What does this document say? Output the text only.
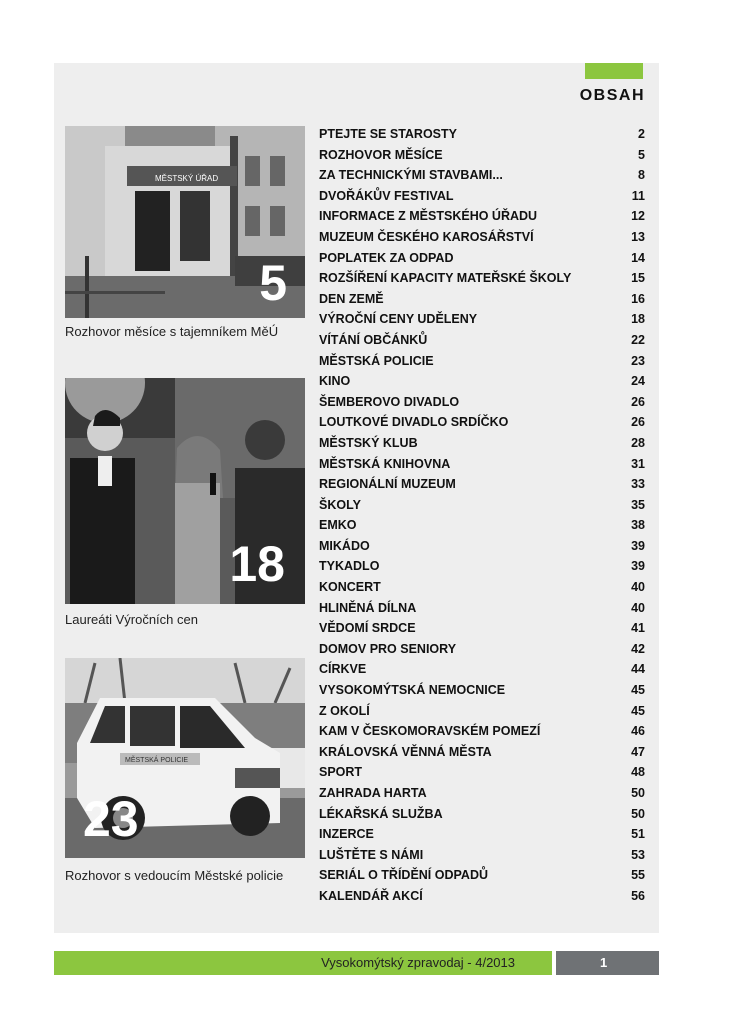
OBSAH
MĚSTSKÝ ÚŘAD
5
Rozhovor měsíce s tajemníkem MěÚ
18
Laureáti Výročních cen
MĚSTSKÁ POLICIE
23
Rozhovor s vedoucím Městské policie
PTEJTE SE STAROSTY	2
ROZHOVOR MĚSÍCE	5
ZA TECHNICKÝMI STAVBAMI...	8
DVOŘÁKŮV FESTIVAL	11
INFORMACE Z MĚSTSKÉHO ÚŘADU	12
MUZEUM ČESKÉHO KAROSÁŘSTVÍ	13
POPLATEK ZA ODPAD	14
ROZŠÍŘENÍ KAPACITY MATEŘSKÉ ŠKOLY	15
DEN ZEMĚ	16
VÝROČNÍ CENY UDĚLENY	18
VÍTÁNÍ OBČÁNKŮ	22
MĚSTSKÁ POLICIE	23
KINO	24
ŠEMBEROVO DIVADLO	26
LOUTKOVÉ DIVADLO SRDÍČKO	26
MĚSTSKÝ KLUB	28
MĚSTSKÁ KNIHOVNA	31
REGIONÁLNÍ MUZEUM	33
ŠKOLY	35
EMKO	38
MIKÁDO	39
TYKADLO	39
KONCERT	40
HLINĚNÁ DÍLNA	40
VĚDOMÍ SRDCE	41
DOMOV PRO SENIORY	42
CÍRKVE	44
VYSOKOMÝTSKÁ NEMOCNICE	45
Z OKOLÍ	45
KAM V ČESKOMORAVSKÉM POMEZÍ	46
KRÁLOVSKÁ VĚNNÁ MĚSTA	47
SPORT	48
ZAHRADA HARTA	50
LÉKAŘSKÁ SLUŽBA	50
INZERCE	51
LUŠTĚTE S NÁMI	53
SERIÁL O TŘÍDĚNÍ ODPADŮ	55
KALENDÁŘ AKCÍ	56
Vysokomýtský zpravodaj - 4/2013	1
